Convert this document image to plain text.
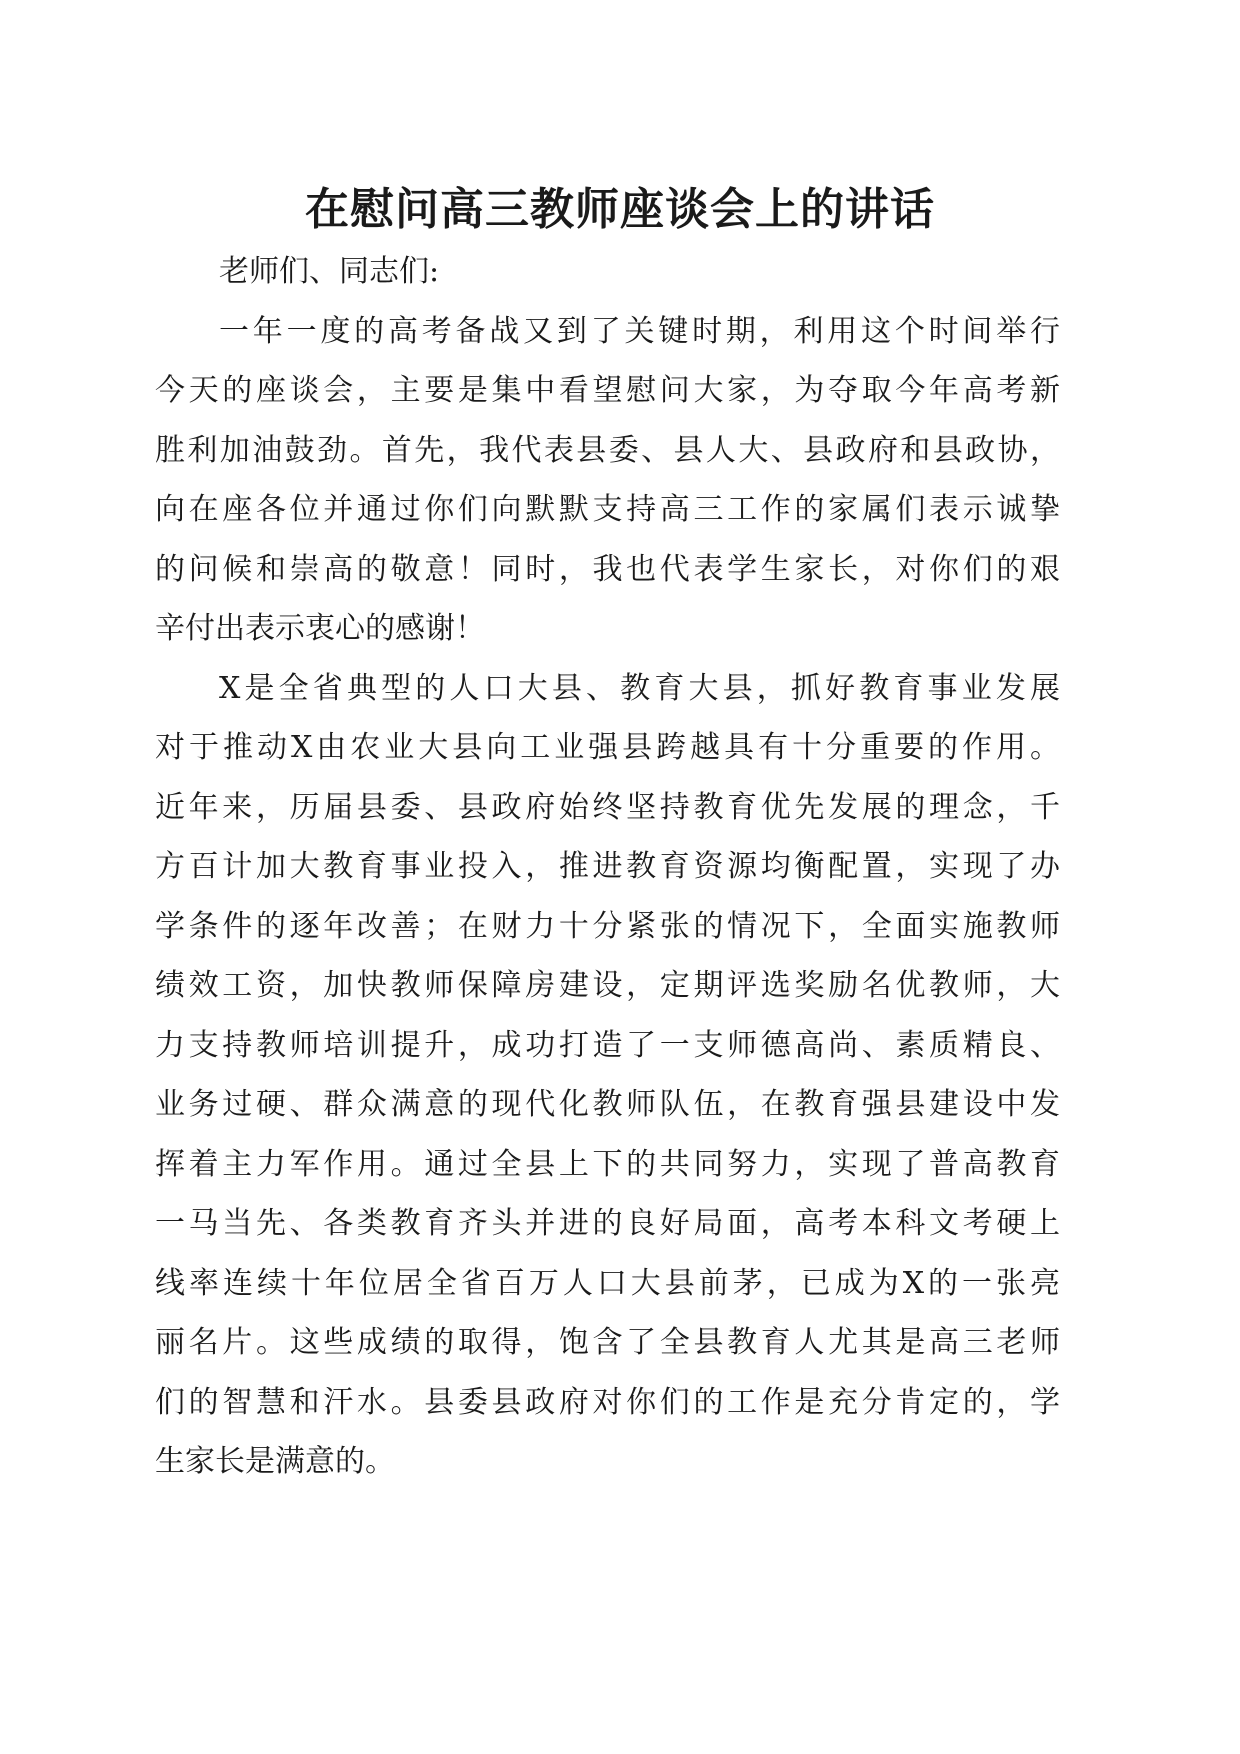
在慰问高三教师座谈会上的讲话

老师们、同志们:

一年一度的高考备战又到了关键时期，利用这个时间举行
今天的座谈会，主要是集中看望慰问大家，为夺取今年高考新
胜利加油鼓劲。首先，我代表县委、县人大、县政府和县政协，
向在座各位并通过你们向默默支持高三工作的家属们表示诚挚
的问候和崇高的敬意！同时，我也代表学生家长，对你们的艰
辛付出表示衷心的感谢！

X是全省典型的人口大县、教育大县，抓好教育事业发展
对于推动X由农业大县向工业强县跨越具有十分重要的作用。
近年来，历届县委、县政府始终坚持教育优先发展的理念，千
方百计加大教育事业投入，推进教育资源均衡配置，实现了办
学条件的逐年改善；在财力十分紧张的情况下，全面实施教师
绩效工资，加快教师保障房建设，定期评选奖励名优教师，大
力支持教师培训提升，成功打造了一支师德高尚、素质精良、
业务过硬、群众满意的现代化教师队伍，在教育强县建设中发
挥着主力军作用。通过全县上下的共同努力，实现了普高教育
一马当先、各类教育齐头并进的良好局面，高考本科文考硬上
线率连续十年位居全省百万人口大县前茅，已成为X的一张亮
丽名片。这些成绩的取得，饱含了全县教育人尤其是高三老师
们的智慧和汗水。县委县政府对你们的工作是充分肯定的，学
生家长是满意的。
